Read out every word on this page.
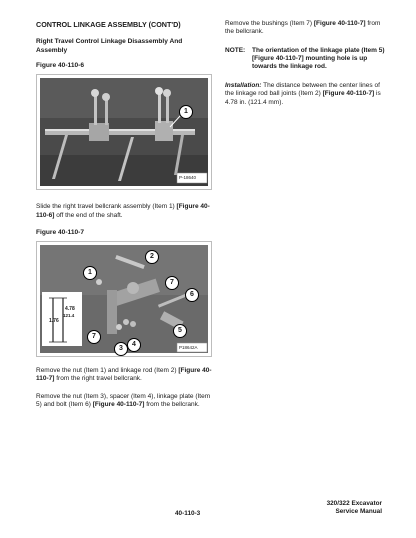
CONTROL LINKAGE ASSEMBLY (CONT'D)

Right Travel Control Linkage Disassembly And Assembly

Figure 40-110-6

1
P-18640

Slide the right travel bellcrank assembly (Item 1) [Figure 40-110-6] off the end of the shaft.

Figure 40-110-7

1
2
7
6
5
7
4
3
4.78
121.4
1.76
P18642A

Remove the nut (Item 1) and linkage rod (Item 2) [Figure 40-110-7] from the right travel bellcrank.

Remove the nut (Item 3), spacer (Item 4), linkage plate (Item 5) and bolt (Item 6) [Figure 40-110-7] from the bellcrank.

Remove the bushings (Item 7) [Figure 40-110-7] from the bellcrank.

NOTE:	The orientation of the linkage plate (Item 5) [Figure 40-110-7] mounting hole is up towards the linkage rod.

Installation: The distance between the center lines of the linkage rod ball joints (Item 2) [Figure 40-110-7] is 4.78 in. (121.4 mm).

320/322 Excavator
Service Manual
40-110-3
